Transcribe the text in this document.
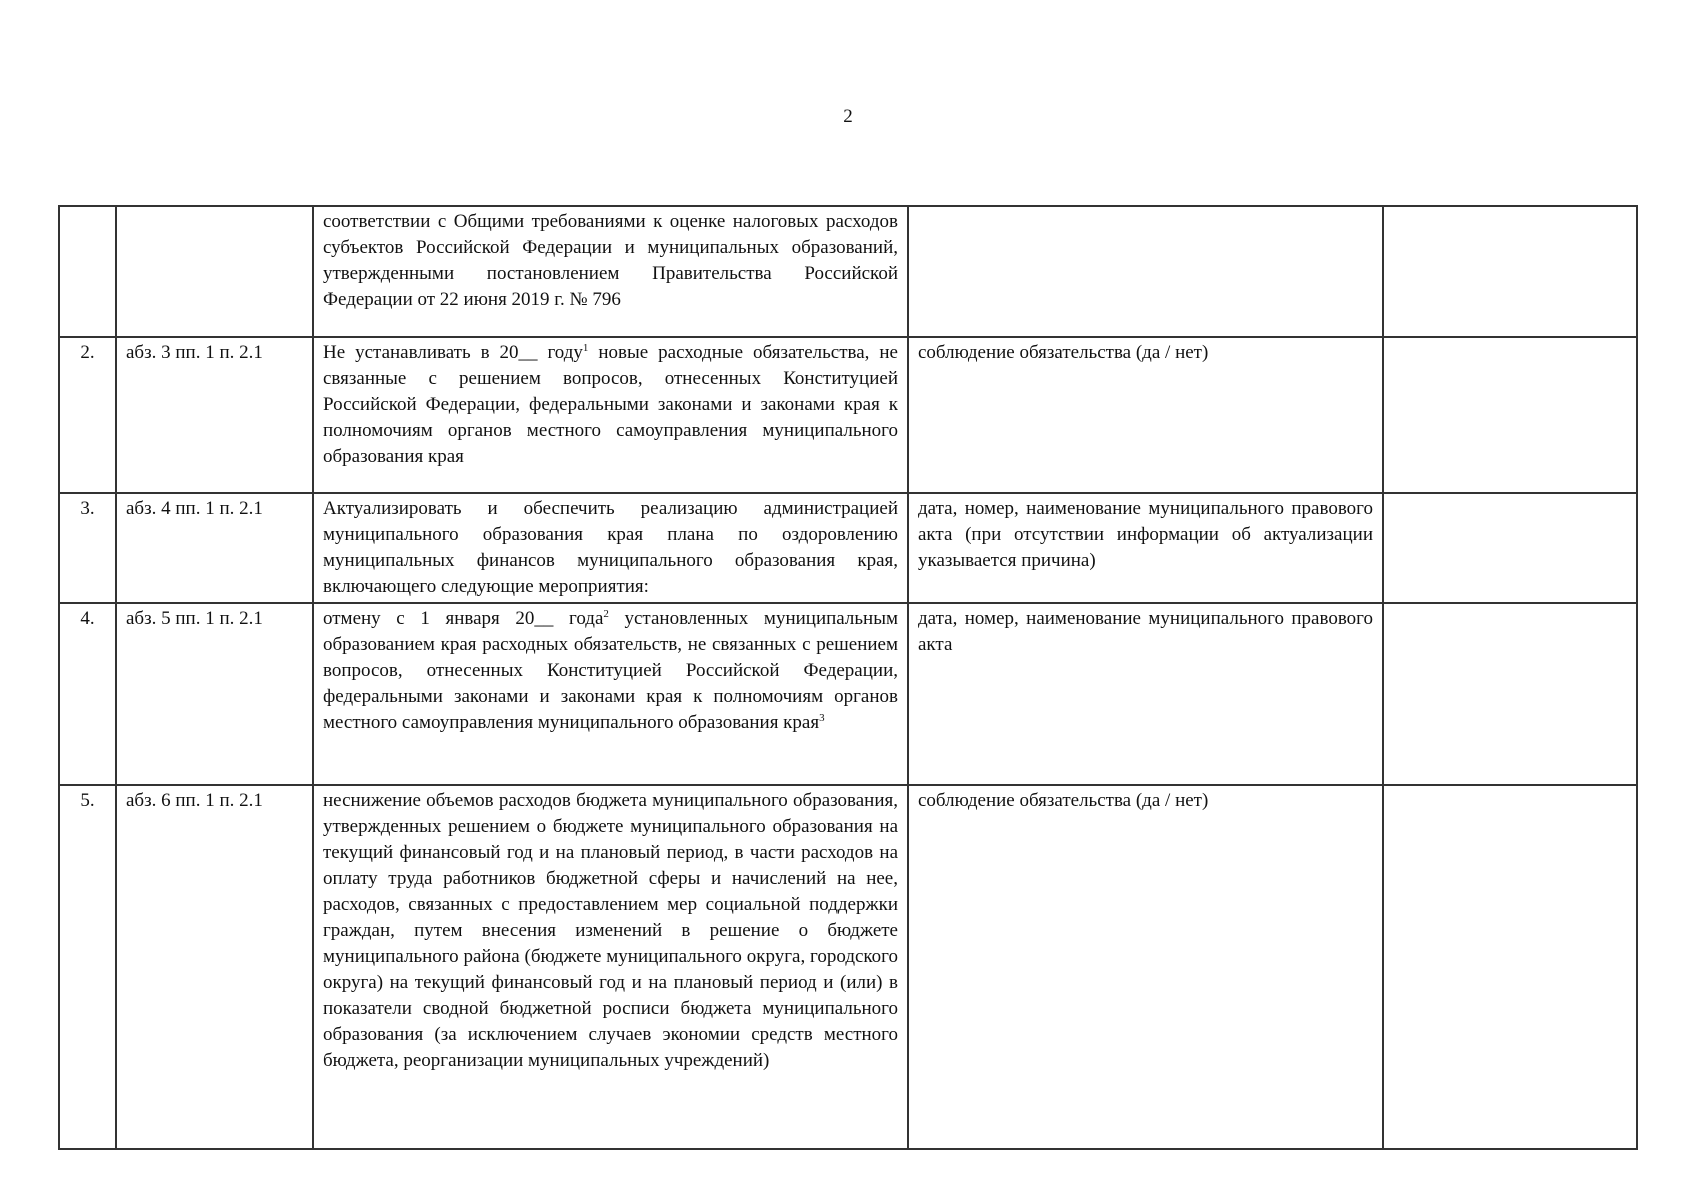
2
		соответствии с Общими требованиями к оценке налоговых расходов субъектов Российской Федерации и муниципальных образований, утвержденными постановлением Правительства Российской Федерации от 22 июня 2019 г. № 796		
2.	абз. 3 пп. 1 п. 2.1	Не устанавливать в 20__ году$^1$ новые расходные обязательства, не связанные с решением вопросов, отнесенных Конституцией Российской Федерации, федеральными законами и законами края к полномочиям органов местного самоуправления муниципального образования края	соблюдение обязательства (да / нет)	
3.	абз. 4 пп. 1 п. 2.1	Актуализировать и обеспечить реализацию администрацией муниципального образования края плана по оздоровлению муниципальных финансов муниципального образования края, включающего следующие мероприятия:	дата, номер, наименование муниципального правового акта (при отсутствии информации об актуализации указывается причина)	
4.	абз. 5 пп. 1 п. 2.1	отмену с 1 января 20__ года$^2$ установленных муниципальным образованием края расходных обязательств, не связанных с решением вопросов, отнесенных Конституцией Российской Федерации, федеральными законами и законами края к полномочиям органов местного самоуправления муниципального образования края$^3$	дата, номер, наименование муниципального правового акта	
5.	абз. 6 пп. 1 п. 2.1	неснижение объемов расходов бюджета муниципального образования, утвержденных решением о бюджете муниципального образования на текущий финансовый год и на плановый период, в части расходов на оплату труда работников бюджетной сферы и начислений на нее, расходов, связанных с предоставлением мер социальной поддержки граждан, путем внесения изменений в решение о бюджете муниципального района (бюджете муниципального округа, городского округа) на текущий финансовый год и на плановый период и (или) в показатели сводной бюджетной росписи бюджета муниципального образования (за исключением случаев экономии средств местного бюджета, реорганизации муниципальных учреждений)	соблюдение обязательства (да / нет)	
